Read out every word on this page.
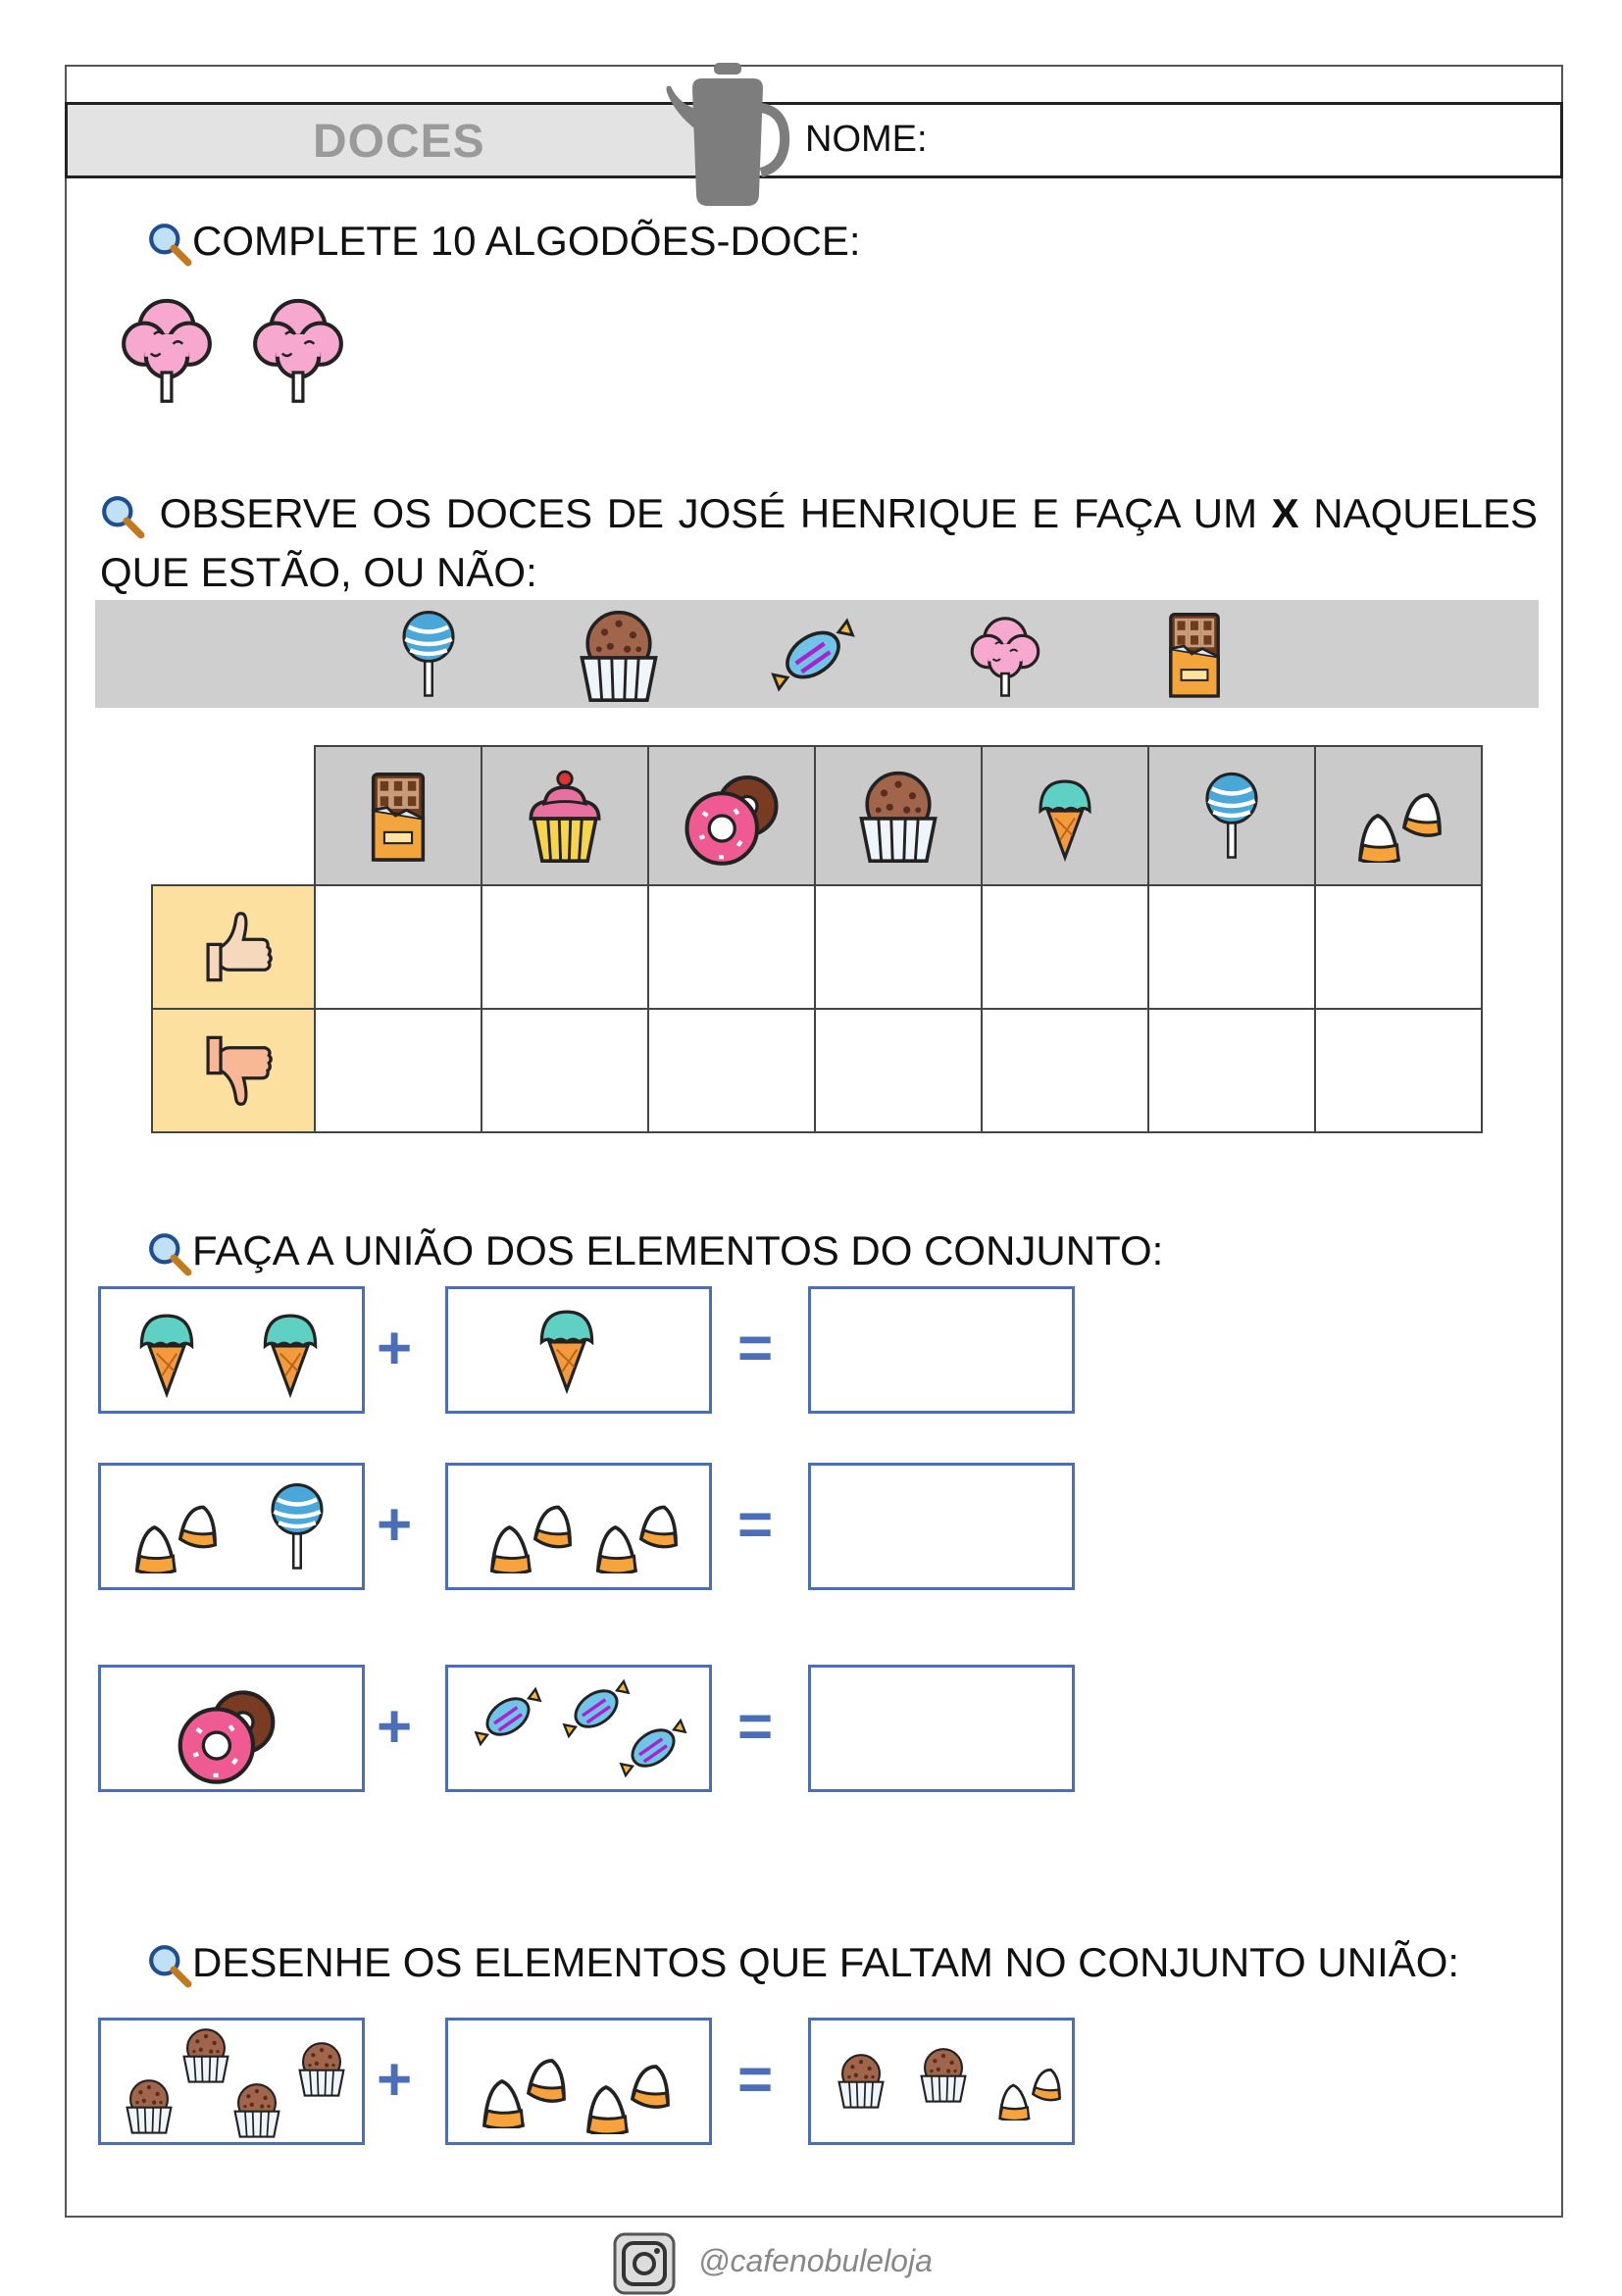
DOCES	NOME:
COMPLETE 10 ALGODÕES-DOCE:
OBSERVE OS DOCES DE JOSÉ HENRIQUE E FAÇA UM X NAQUELES
QUE ESTÃO, OU NÃO:

FAÇA A UNIÃO DOS ELEMENTOS DO CONJUNTO:
+	=
+	=
+	=
DESENHE OS ELEMENTOS QUE FALTAM NO CONJUNTO UNIÃO:
+	=
@cafenobuleloja
